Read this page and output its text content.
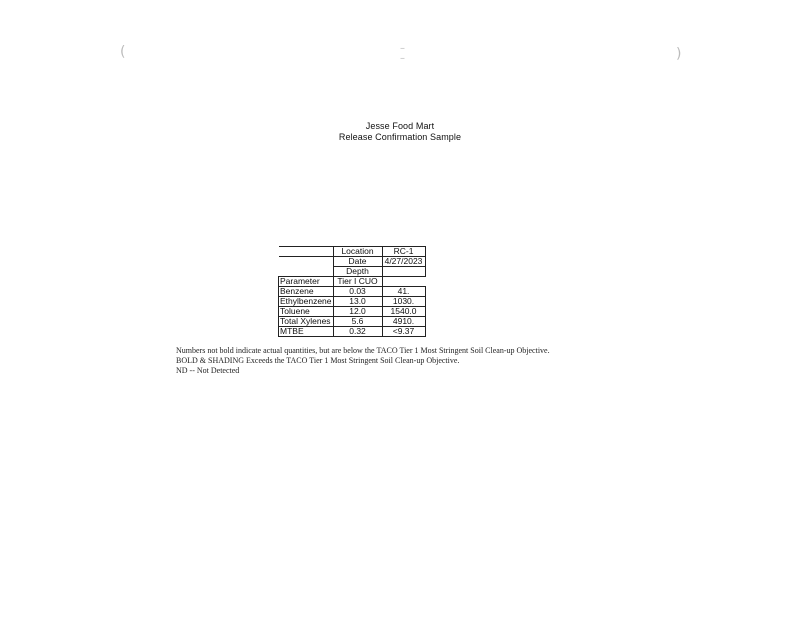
(	–
–	)
Jesse Food Mart
Release Confirmation Sample
	Location	RC-1
	Date	4/27/2023
	Depth	
Parameter	Tier I CUO	
Benzene	0.03	41.
Ethylbenzene	13.0	1030.
Toluene	12.0	1540.0
Total Xylenes	5.6	4910.
MTBE	0.32	<9.37
Numbers not bold indicate actual quantities, but are below the TACO Tier 1 Most Stringent Soil Clean-up Objective.
BOLD & SHADING Exceeds the TACO Tier 1 Most Stringent Soil Clean-up Objective.
ND -- Not Detected
